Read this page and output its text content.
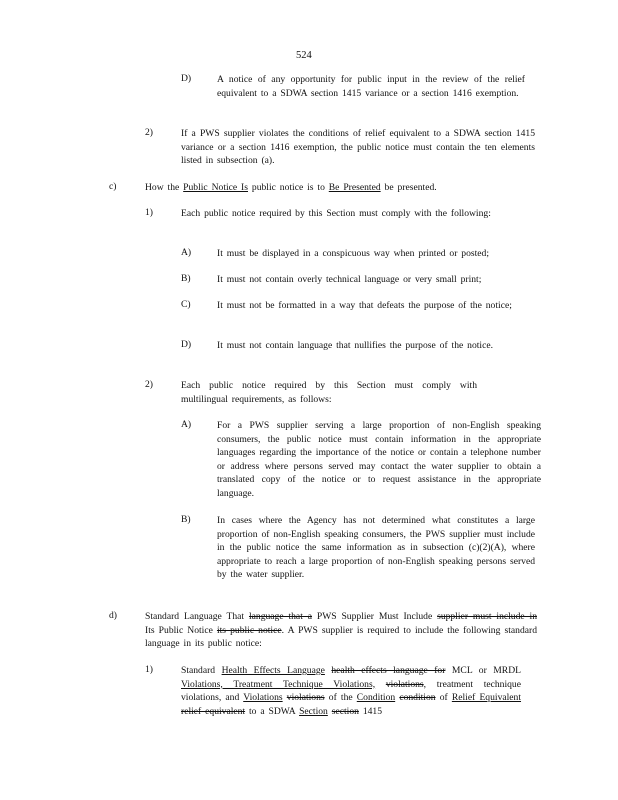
524
D)	A notice of any opportunity for public input in the review of the relief equivalent to a SDWA section 1415 variance or a section 1416 exemption.
2)	If a PWS supplier violates the conditions of relief equivalent to a SDWA section 1415 variance or a section 1416 exemption, the public notice must contain the ten elements listed in subsection (a).
c)	How the Public Notice Is public notice is to Be Presented be presented.
1)	Each public notice required by this Section must comply with the following:
A)	It must be displayed in a conspicuous way when printed or posted;
B)	It must not contain overly technical language or very small print;
C)	It must not be formatted in a way that defeats the purpose of the notice;
D)	It must not contain language that nullifies the purpose of the notice.
2)	Each public notice required by this Section must comply with multilingual requirements, as follows:
A)	For a PWS supplier serving a large proportion of non-English speaking consumers, the public notice must contain information in the appropriate languages regarding the importance of the notice or contain a telephone number or address where persons served may contact the water supplier to obtain a translated copy of the notice or to request assistance in the appropriate language.
B)	In cases where the Agency has not determined what constitutes a large proportion of non-English speaking consumers, the PWS supplier must include in the public notice the same information as in subsection (c)(2)(A), where appropriate to reach a large proportion of non-English speaking persons served by the water supplier.
d)	Standard Language That language that a PWS Supplier Must Include supplier must include in Its Public Notice its public notice. A PWS supplier is required to include the following standard language in its public notice:
1)	Standard Health Effects Language health effects language for MCL or MRDL Violations, Treatment Technique Violations, violations, treatment technique violations, and Violations violations of the Condition condition of Relief Equivalent relief equivalent to a SDWA Section section 1415
